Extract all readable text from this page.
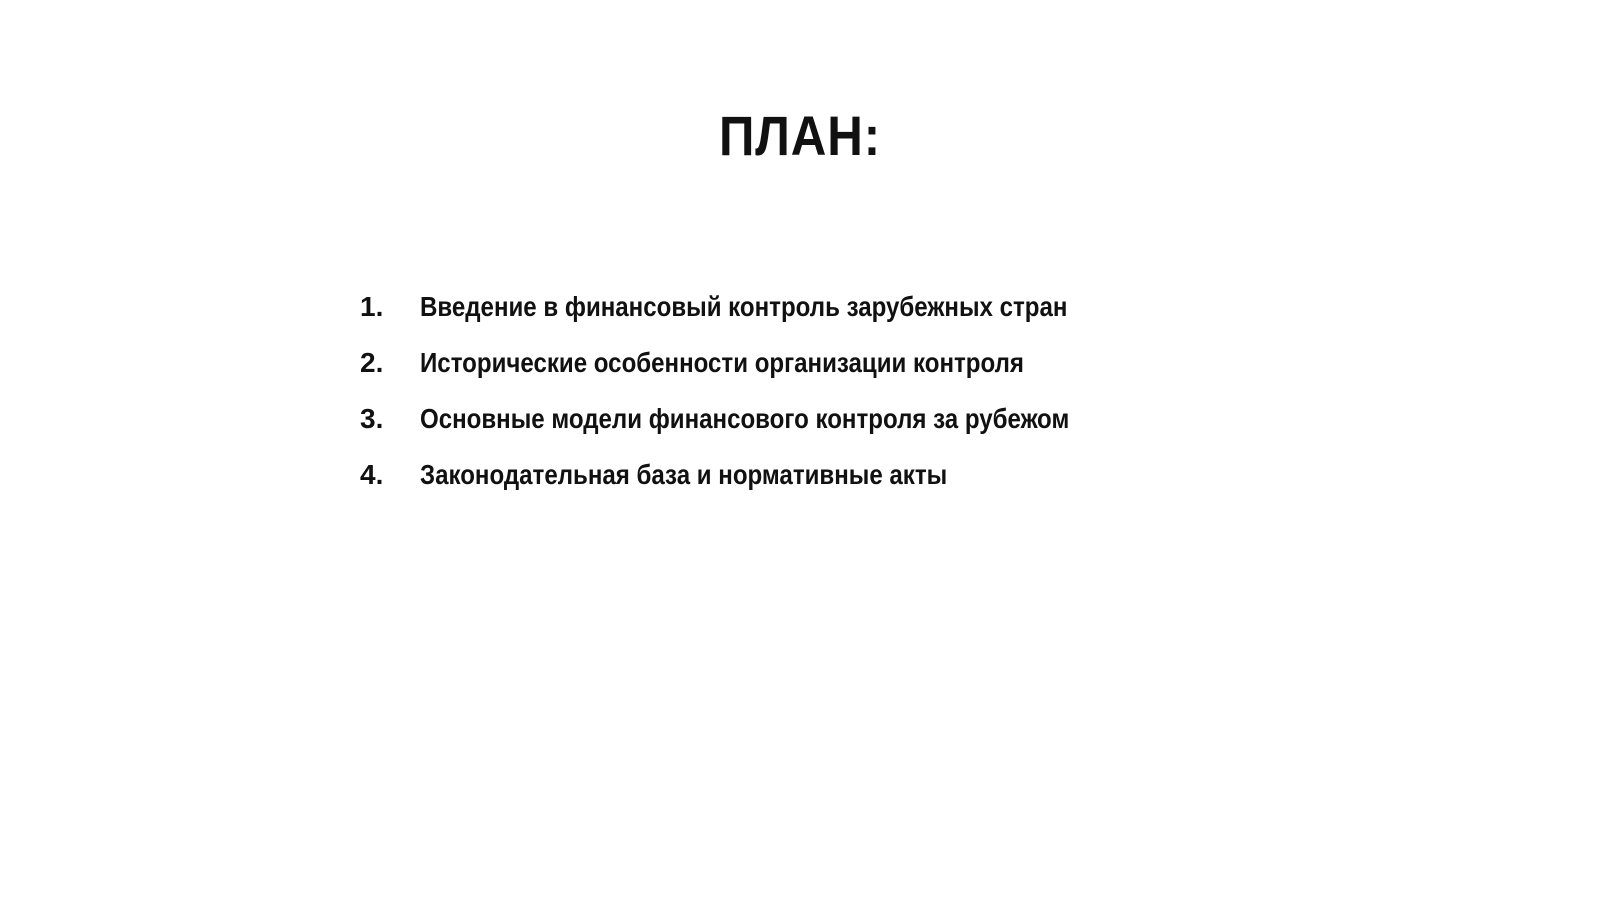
ПЛАН:
1.	Введение в финансовый контроль зарубежных стран
2.	Исторические особенности организации контроля
3.	Основные модели финансового контроля за рубежом
4.	Законодательная база и нормативные акты
